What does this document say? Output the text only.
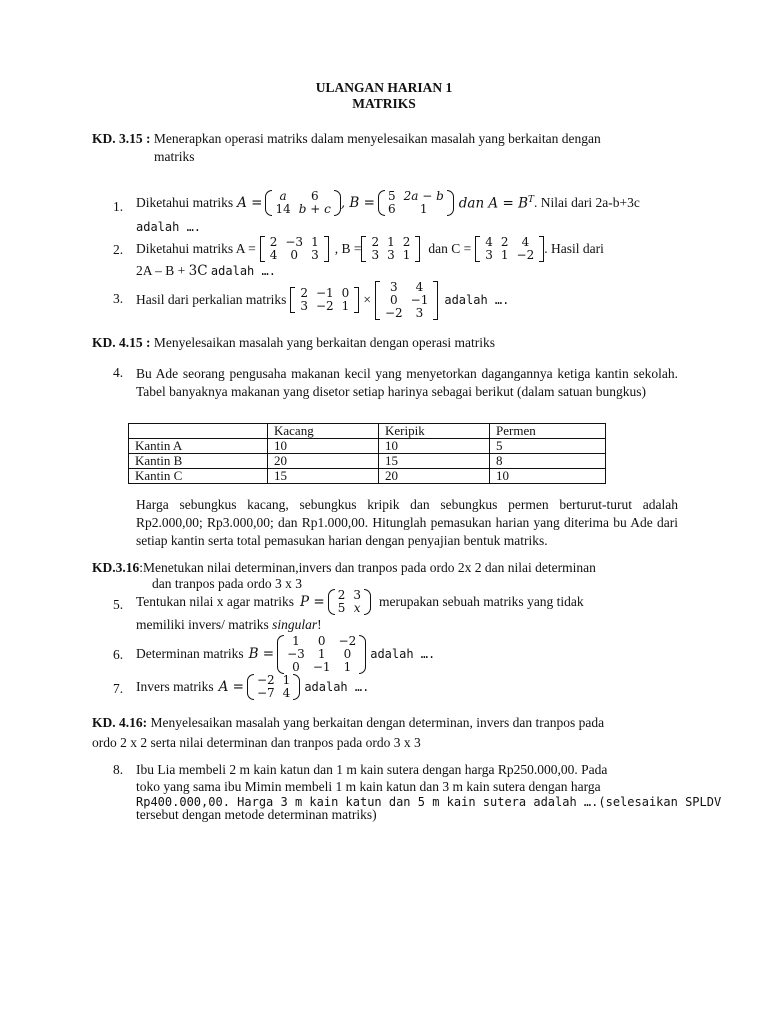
ULANGAN HARIAN 1
MATRIKS
KD. 3.15 : Menerapkan operasi matriks dalam menyelesaikan masalah yang berkaitan dengan
matriks
1. Diketahui matriks A = a	6
14	b + c , B = 5	2a − b
6	1 dan $A = B^T$ . Nilai dari 2a-b+3c
adalah ….
2. Diketahui matriks A = 2	−3	1
4	0	3 , B = 2	1	2
3	3	1 dan C = 4	2	4
3	1	−2 . Hasil dari
2A – B + 3C adalah ….
3. Hasil dari perkalian matriks 2	−1	0
3	−2	1 ×
3	4
0	−1
−2	3
adalah ….
KD. 4.15 : Menyelesaikan masalah yang berkaitan dengan operasi matriks
4. Bu Ade seorang pengusaha makanan kecil yang menyetorkan dagangannya ketiga kantin sekolah. Tabel banyaknya makanan yang disetor setiap harinya sebagai berikut (dalam satuan bungkus)
	Kacang	Keripik	Permen
Kantin A	10	10	5
Kantin B	20	15	8
Kantin C	15	20	10
Harga sebungkus kacang, sebungkus kripik dan sebungkus permen berturut-turut adalah Rp2.000,00; Rp3.000,00; dan Rp1.000,00. Hitunglah pemasukan harian yang diterima bu Ade dari setiap kantin serta total pemasukan harian dengan penyajian bentuk matriks.
KD.3.16:Menetukan nilai determinan,invers dan tranpos pada ordo 2x 2 dan nilai determinan
dan tranpos pada ordo 3 x 3
5. Tentukan nilai x agar matriks P = 2	3
5	x merupakan sebuah matriks yang tidak
memiliki invers/ matriks singular!
6. Determinan matriks B =
1	0	−2
−3	1	0
0	−1	1
adalah ….
7. Invers matriks A = −2	1
−7	4 adalah ….
KD. 4.16: Menyelesaikan masalah yang berkaitan dengan determinan, invers dan tranpos pada
ordo 2 x 2 serta nilai determinan dan tranpos pada ordo 3 x 3
8. Ibu Lia membeli 2 m kain katun dan 1 m kain sutera dengan harga Rp250.000,00. Pada
toko yang sama ibu Mimin membeli 1 m kain katun dan 3 m kain sutera dengan harga
Rp400.000,00. Harga 3 m kain katun dan 5 m kain sutera adalah ….(selesaikan SPLDV
tersebut dengan metode determinan matriks)
